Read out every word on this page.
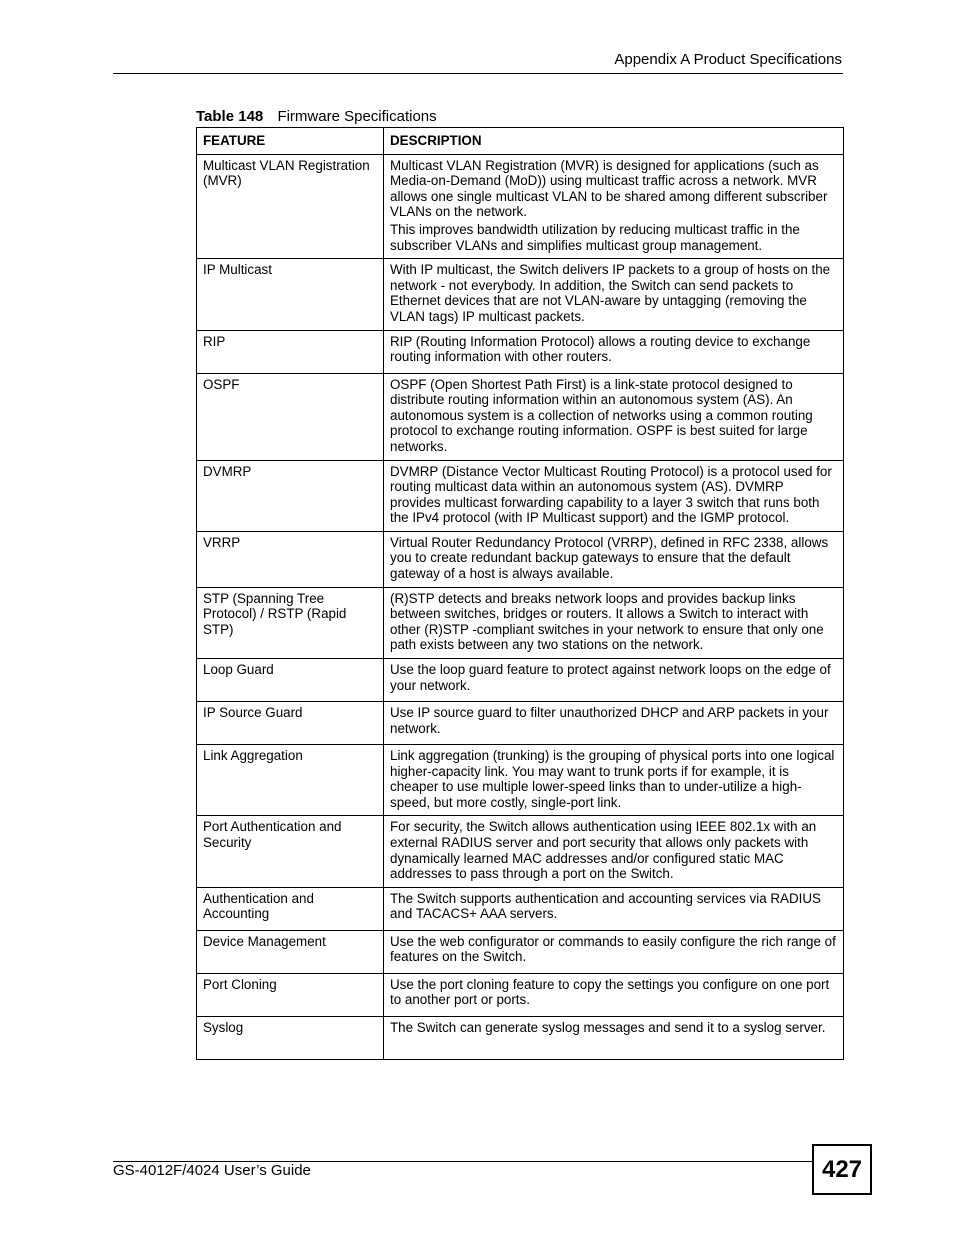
Appendix A Product Specifications
Table 148 Firmware Specifications
FEATURE	DESCRIPTION
Multicast VLAN Registration (MVR)	Multicast VLAN Registration (MVR) is designed for applications (such as Media-on-Demand (MoD)) using multicast traffic across a network. MVR allows one single multicast VLAN to be shared among different subscriber VLANs on the network.

This improves bandwidth utilization by reducing multicast traffic in the subscriber VLANs and simplifies multicast group management.

IP Multicast	With IP multicast, the Switch delivers IP packets to a group of hosts on the network - not everybody. In addition, the Switch can send packets to Ethernet devices that are not VLAN-aware by untagging (removing the VLAN tags) IP multicast packets.

RIP	RIP (Routing Information Protocol) allows a routing device to exchange routing information with other routers.

OSPF	OSPF (Open Shortest Path First) is a link-state protocol designed to distribute routing information within an autonomous system (AS). An autonomous system is a collection of networks using a common routing protocol to exchange routing information. OSPF is best suited for large networks.

DVMRP	DVMRP (Distance Vector Multicast Routing Protocol) is a protocol used for routing multicast data within an autonomous system (AS). DVMRP provides multicast forwarding capability to a layer 3 switch that runs both the IPv4 protocol (with IP Multicast support) and the IGMP protocol.

VRRP	Virtual Router Redundancy Protocol (VRRP), defined in RFC 2338, allows you to create redundant backup gateways to ensure that the default gateway of a host is always available.

STP (Spanning Tree Protocol) / RSTP (Rapid STP)	(R)STP detects and breaks network loops and provides backup links between switches, bridges or routers. It allows a Switch to interact with other (R)STP -compliant switches in your network to ensure that only one path exists between any two stations on the network.

Loop Guard	Use the loop guard feature to protect against network loops on the edge of your network.

IP Source Guard	Use IP source guard to filter unauthorized DHCP and ARP packets in your network.

Link Aggregation	Link aggregation (trunking) is the grouping of physical ports into one logical higher-capacity link. You may want to trunk ports if for example, it is cheaper to use multiple lower-speed links than to under-utilize a high-speed, but more costly, single-port link.

Port Authentication and Security	For security, the Switch allows authentication using IEEE 802.1x with an external RADIUS server and port security that allows only packets with dynamically learned MAC addresses and/or configured static MAC addresses to pass through a port on the Switch.

Authentication and Accounting	The Switch supports authentication and accounting services via RADIUS and TACACS+ AAA servers.

Device Management	Use the web configurator or commands to easily configure the rich range of features on the Switch.

Port Cloning	Use the port cloning feature to copy the settings you configure on one port to another port or ports.

Syslog	The Switch can generate syslog messages and send it to a syslog server.

GS-4012F/4024 User’s Guide	427
